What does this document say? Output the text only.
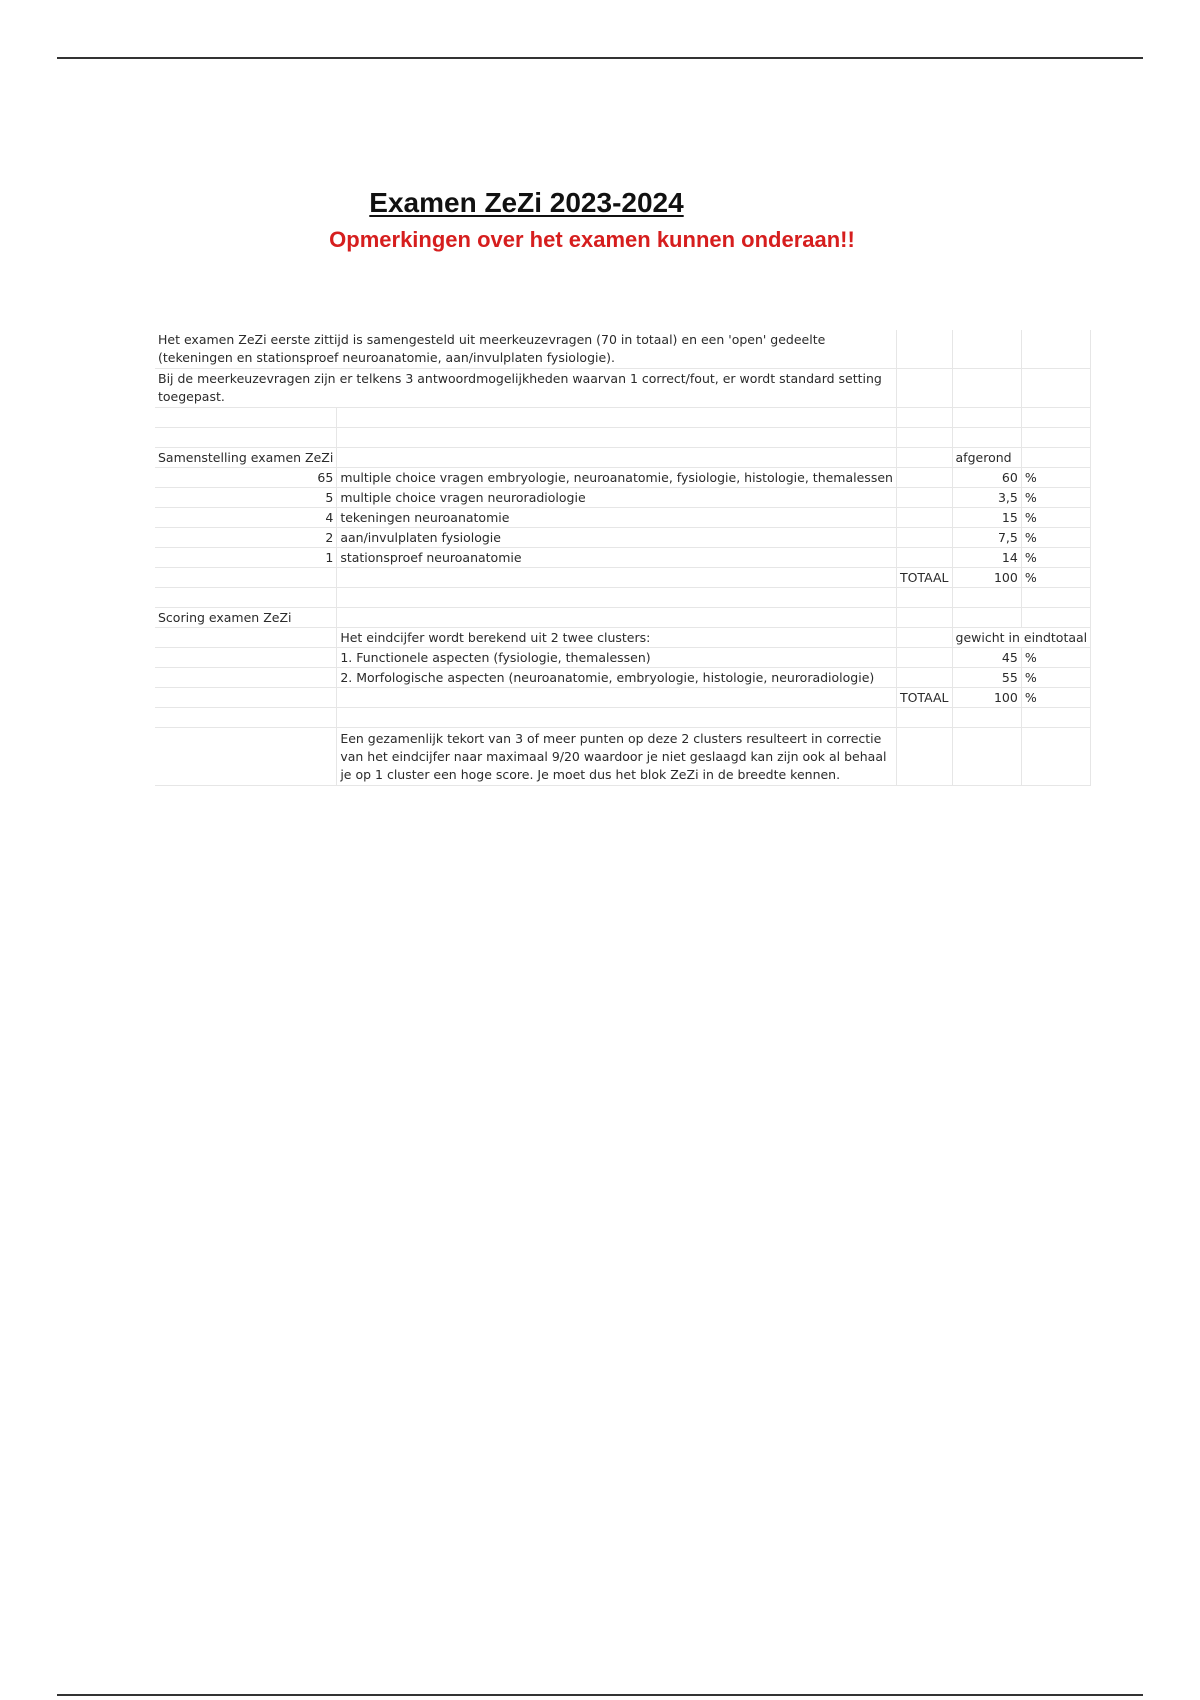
Examen ZeZi 2023-2024
Opmerkingen over het examen kunnen onderaan!!
Het examen ZeZi eerste zittijd is samengesteld uit meerkeuzevragen (70 in totaal) en een 'open' gedeelte (tekeningen en stationsproef neuroanatomie, aan/invulplaten fysiologie).				
Bij de meerkeuzevragen zijn er telkens 3 antwoordmogelijkheden waarvan 1 correct/fout, er wordt standard setting toegepast.				

Samenstelling examen ZeZi			afgerond	
65	multiple choice vragen embryologie, neuroanatomie, fysiologie, histologie, themalessen		60	%
5	multiple choice vragen neuroradiologie		3,5	%
4	tekeningen neuroanatomie		15	%
2	aan/invulplaten fysiologie		7,5	%
1	stationsproef neuroanatomie		14	%
		TOTAAL	100	%

Scoring examen ZeZi				
	Het eindcijfer wordt berekend uit 2 twee clusters:		gewicht in eindtotaal	
	1. Functionele aspecten (fysiologie, themalessen)		45	%
	2. Morfologische aspecten (neuroanatomie, embryologie, histologie, neuroradiologie)		55	%
		TOTAAL	100	%

	Een gezamenlijk tekort van 3 of meer punten op deze 2 clusters resulteert in correctie van het eindcijfer naar maximaal 9/20 waardoor je niet geslaagd kan zijn ook al behaal je op 1 cluster een hoge score. Je moet dus het blok ZeZi in de breedte kennen.			
